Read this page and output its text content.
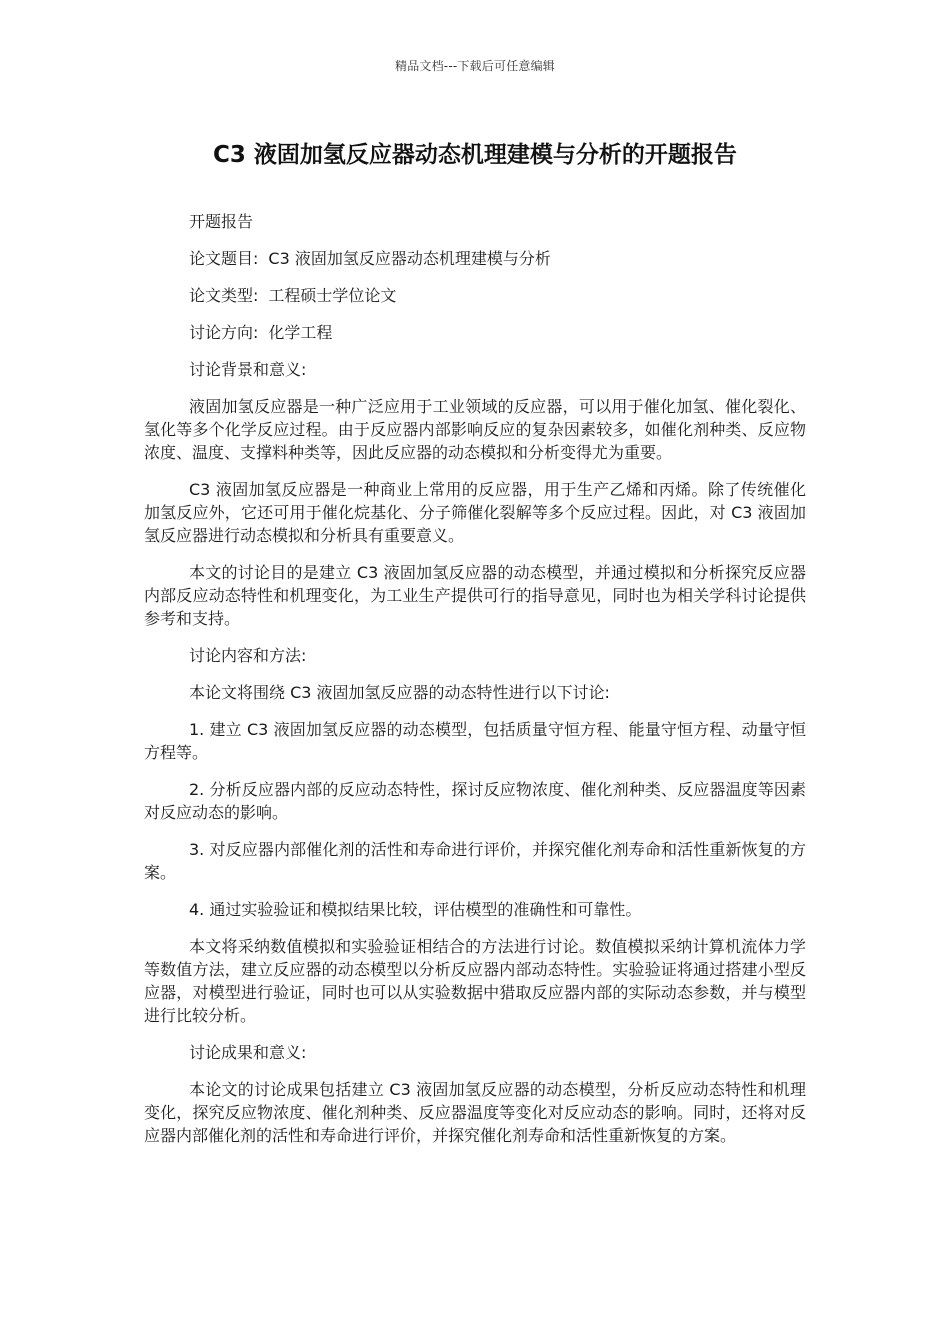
精品文档---下载后可任意编辑
C3 液固加氢反应器动态机理建模与分析的开题报告

开题报告

论文题目: C3 液固加氢反应器动态机理建模与分析

论文类型: 工程硕士学位论文

讨论方向: 化学工程

讨论背景和意义:

液固加氢反应器是一种广泛应用于工业领域的反应器，可以用于催化加氢、催化裂化、氢化等多个化学反应过程。由于反应器内部影响反应的复杂因素较多，如催化剂种类、反应物浓度、温度、支撑料种类等，因此反应器的动态模拟和分析变得尤为重要。

C3 液固加氢反应器是一种商业上常用的反应器，用于生产乙烯和丙烯。除了传统催化加氢反应外，它还可用于催化烷基化、分子筛催化裂解等多个反应过程。因此，对 C3 液固加氢反应器进行动态模拟和分析具有重要意义。

本文的讨论目的是建立 C3 液固加氢反应器的动态模型，并通过模拟和分析探究反应器内部反应动态特性和机理变化，为工业生产提供可行的指导意见，同时也为相关学科讨论提供参考和支持。

讨论内容和方法:

本论文将围绕 C3 液固加氢反应器的动态特性进行以下讨论:

1. 建立 C3 液固加氢反应器的动态模型，包括质量守恒方程、能量守恒方程、动量守恒方程等。

2. 分析反应器内部的反应动态特性，探讨反应物浓度、催化剂种类、反应器温度等因素对反应动态的影响。

3. 对反应器内部催化剂的活性和寿命进行评价，并探究催化剂寿命和活性重新恢复的方案。

4. 通过实验验证和模拟结果比较，评估模型的准确性和可靠性。

本文将采纳数值模拟和实验验证相结合的方法进行讨论。数值模拟采纳计算机流体力学等数值方法，建立反应器的动态模型以分析反应器内部动态特性。实验验证将通过搭建小型反应器，对模型进行验证，同时也可以从实验数据中猎取反应器内部的实际动态参数，并与模型进行比较分析。

讨论成果和意义:

本论文的讨论成果包括建立 C3 液固加氢反应器的动态模型，分析反应动态特性和机理变化，探究反应物浓度、催化剂种类、反应器温度等变化对反应动态的影响。同时，还将对反应器内部催化剂的活性和寿命进行评价，并探究催化剂寿命和活性重新恢复的方案。
